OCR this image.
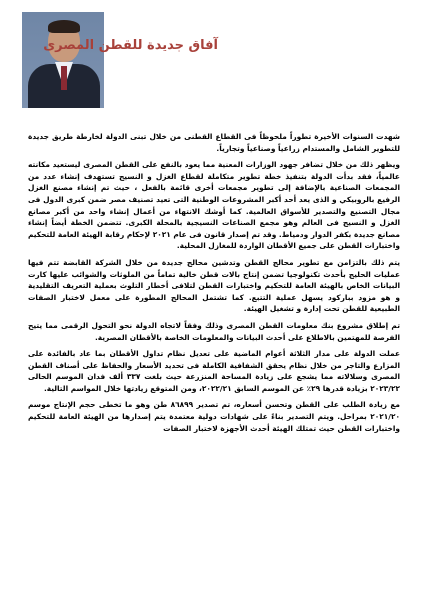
آفاق جديدة للقطن المصرى

شهدت السنوات الأخيرة تطوراً ملحوظاً فى القطاع القطنى من خلال تبنى الدولة لخارطة طريق جديدة للتطوير الشامل والمستدام زراعياً وصناعياً وتجارياً.

ويظهر ذلك من خلال تضافر جهود الوزارات المعنية مما يعود بالنفع على القطن المصرى ليستعيد مكانته عالمياً، فقد بدأت الدولة بتنفيذ خطة تطوير متكاملة لقطاع الغزل و النسيج تستهدف إنشاء عدد من المجمعات الصناعية بالإضافة إلى تطوير مجمعات أخرى قائمة بالفعل ، حيث تم إنشاء مصنع الغزل الرفيع بالروبيكي و الذى يعد أحد أكبر المشروعات الوطنية التى تعيد تصنيف مصر ضمن كبرى الدول فى مجال التصنيع والتصدير للأسواق العالمية. كما أوشك الانتهاء من أعمال إنشاء واحد من أكبر مصانع الغزل و النسيج فى العالم وهو مجمع الصناعات النسيجية بالمحلة الكبرى. تتضمن الخطة أيضاً إنشاء مصانع جديدة بكفر الدوار ودمياط. وقد تم إصدار قانون فى عام ٢٠٢١ لإحكام رقابة الهيئة العامة للتحكيم واختبارات القطن على جميع الأقطان الواردة للمغازل المحلية.

يتم ذلك بالتزامن مع تطوير محالج القطن وتدشين محالج جديدة من خلال الشركة القابضة تتم فيها عمليات الحليج بأحدث تكنولوجيا تضمن إنتاج بالات قطن خالية تماماً من الملوثات والشوائب عليها كارت البيانات الخاص بالهيئة العامة للتحكيم واختبارات القطن لتلافى أخطار التلوث بعملية التعريف التقليدية و هو مزود بباركود يسهل عملية التتبع. كما تشتمل المحالج المطورة على معمل لاختبار الصفات الطبيعية للقطن تحت إدارة و تشغيل الهيئة.

تم إطلاق مشروع بنك معلومات القطن المصرى وذلك وفقاً لاتجاه الدولة نحو التحول الرقمى مما يتيح الفرصة للمهتمين بالاطلاع على أحدث البيانات والمعلومات الخاصة بالأقطان المصرية.

عملت الدولة على مدار الثلاثة أعوام الماضية على تعديل نظام تداول الأقطان بما عاد بالفائدة على المزارع والتاجر من خلال نظام يحقق الشفافية الكاملة فى تحديد الأسعار والحفاظ على أصناف القطن المصرى وسلالاته مما يشجع على زيادة المساحة المنزرعة حيث بلغت ٣٣٧ ألف فدان الموسم الحالى ٢٠٢٣/٢٢ بزيادة قدرها ٢٩٪ عن الموسم السابق ٢٠٢٢/٢١، ومن المتوقع زيادتها خلال المواسم التالية.

مع زيادة الطلب على القطن وتحسن أسعاره، تم تصدير ٨٦٨٩٩ طن وهو ما تخطى حجم الإنتاج موسم ٢٠٢١/٢٠ بمراحل. ويتم التصدير بناءً على شهادات دولية معتمدة يتم إصدارها من الهيئة العامة للتحكيم واختبارات القطن حيث تمتلك الهيئة أحدث الأجهزة لاختبار الصفات
